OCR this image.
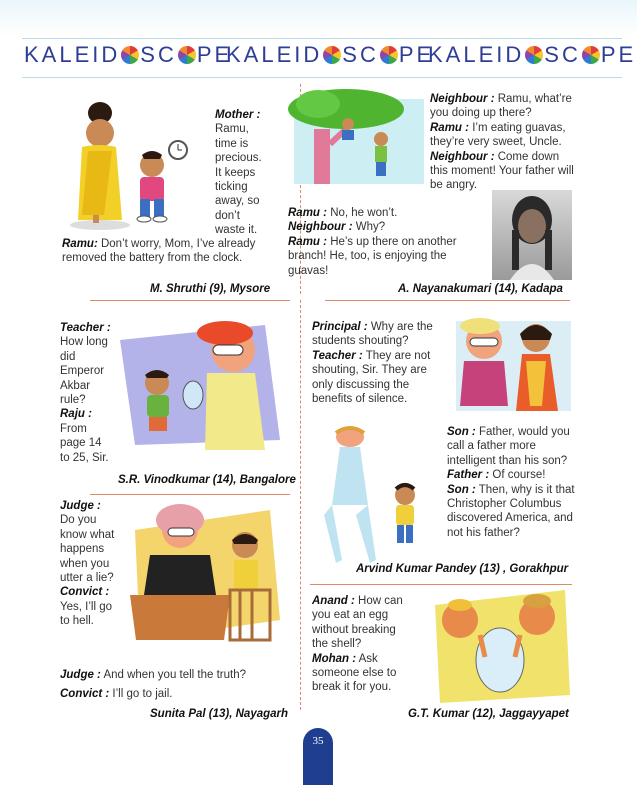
KALEID SC PE
KALEID SC PE
KALEID SC PE
Mother : Ramu, time is precious. It keeps ticking away, so don’t waste it.
Ramu: Don’t worry, Mom, I’ve already removed the battery from the clock.
M. Shruthi (9), Mysore
Neighbour : Ramu, what’re you doing up there?
Ramu : I’m eating guavas, they’re very sweet, Uncle.
Neighbour : Come down this moment! Your father will be angry.
Ramu : No, he won’t.
Neighbour : Why?
Ramu : He’s up there on another branch! He, too, is enjoying the guavas!
A. Nayanakumari (14), Kadapa
Teacher : How long did Emperor Akbar rule?
Raju : From page 14 to 25, Sir.
S.R. Vinodkumar (14), Bangalore
Principal : Why are the students shouting?
Teacher : They are not shouting, Sir. They are only discussing the benefits of silence.
Son : Father, would you call a father more intelligent than his son?
Father : Of course!
Son : Then, why is it that Christopher Columbus discovered America, and not his father?
Arvind Kumar Pandey (13) , Gorakhpur
Judge : Do you know what happens when you utter a lie?
Convict : Yes, I’ll go to hell.
Judge : And when you tell the truth?
Convict : I’ll go to jail.
Sunita Pal (13), Nayagarh
Anand : How can you eat an egg without breaking the shell?
Mohan : Ask someone else to break it for you.
G.T. Kumar (12), Jaggayyapet
35
